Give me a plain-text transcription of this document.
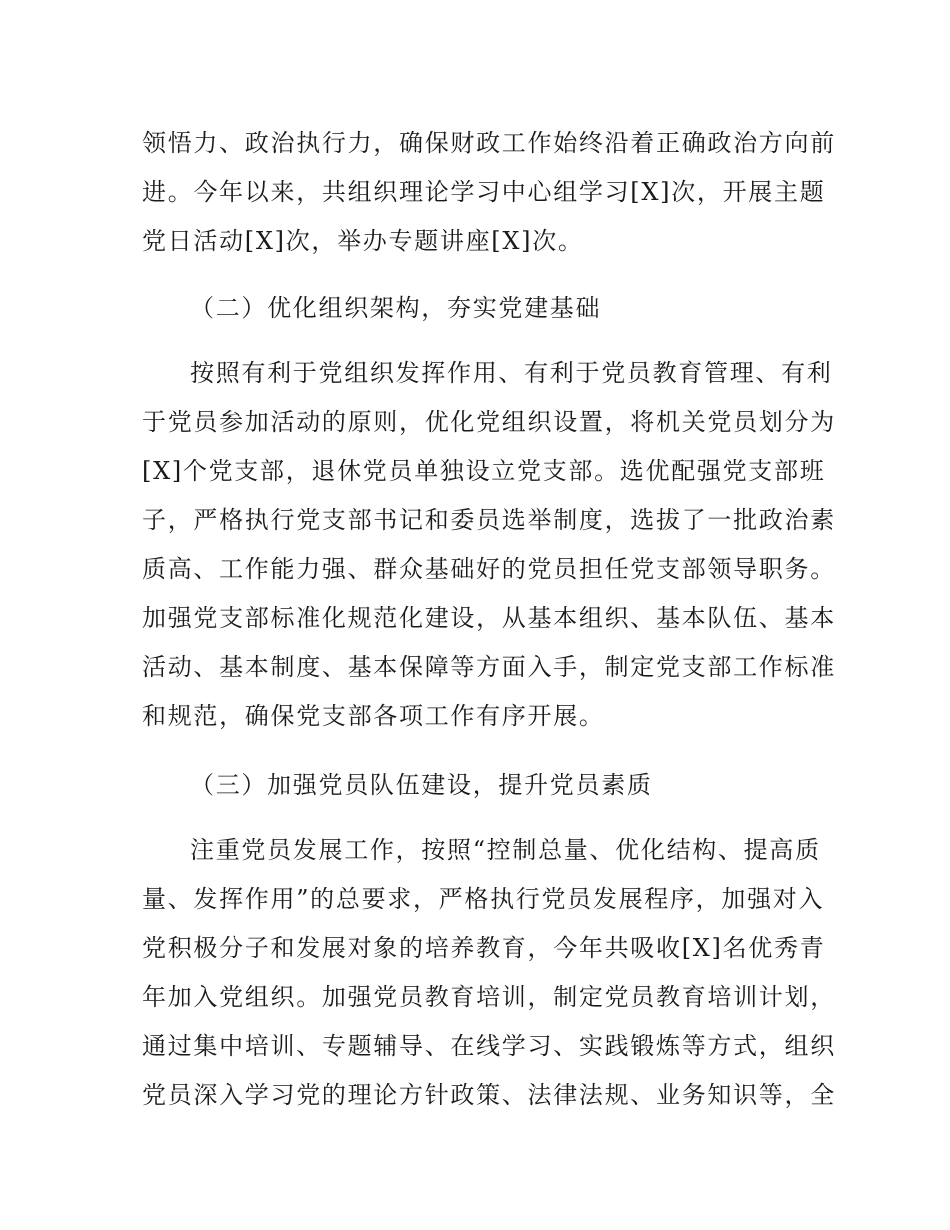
领悟力、政治执行力，确保财政工作始终沿着正确政治方向前
进。今年以来，共组织理论学习中心组学习[X]次，开展主题
党日活动[X]次，举办专题讲座[X]次。
（二）优化组织架构，夯实党建基础
按照有利于党组织发挥作用、有利于党员教育管理、有利
于党员参加活动的原则，优化党组织设置，将机关党员划分为
[X]个党支部，退休党员单独设立党支部。选优配强党支部班
子，严格执行党支部书记和委员选举制度，选拔了一批政治素
质高、工作能力强、群众基础好的党员担任党支部领导职务。
加强党支部标准化规范化建设，从基本组织、基本队伍、基本
活动、基本制度、基本保障等方面入手，制定党支部工作标准
和规范，确保党支部各项工作有序开展。
（三）加强党员队伍建设，提升党员素质
注重党员发展工作，按照“控制总量、优化结构、提高质
量、发挥作用”的总要求，严格执行党员发展程序，加强对入
党积极分子和发展对象的培养教育，今年共吸收[X]名优秀青
年加入党组织。加强党员教育培训，制定党员教育培训计划，
通过集中培训、专题辅导、在线学习、实践锻炼等方式，组织
党员深入学习党的理论方针政策、法律法规、业务知识等，全
